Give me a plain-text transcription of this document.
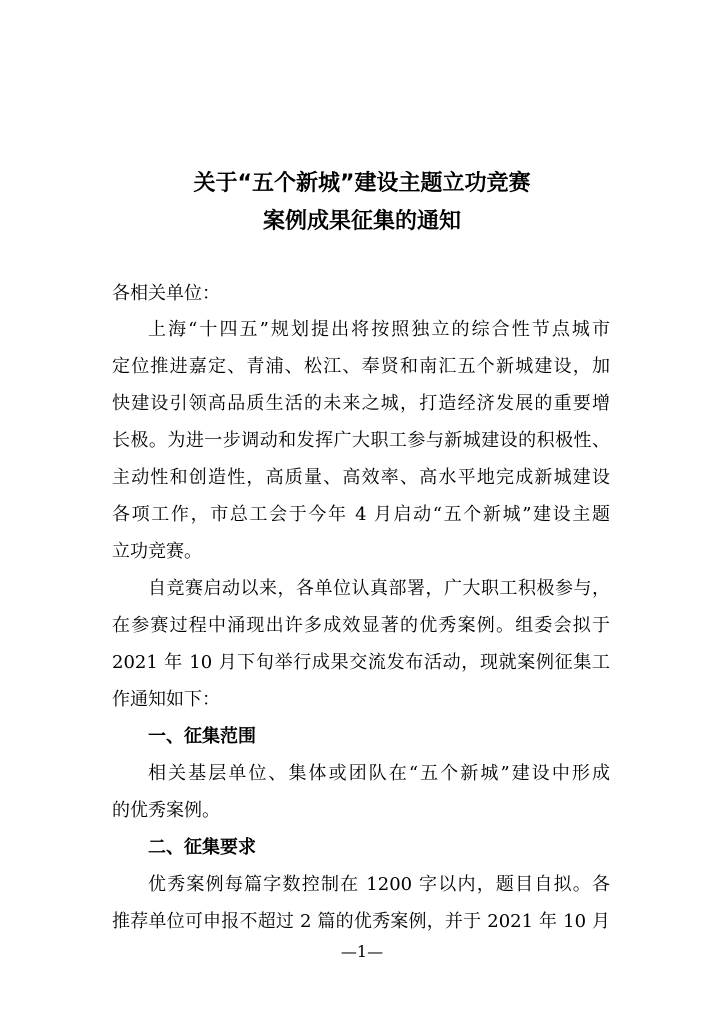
关于“五个新城”建设主题立功竞赛
案例成果征集的通知
各相关单位：
上海“十四五”规划提出将按照独立的综合性节点城市
定位推进嘉定、青浦、松江、奉贤和南汇五个新城建设，加
快建设引领高品质生活的未来之城，打造经济发展的重要增
长极。为进一步调动和发挥广大职工参与新城建设的积极性、
主动性和创造性，高质量、高效率、高水平地完成新城建设
各项工作，市总工会于今年 4 月启动“五个新城”建设主题
立功竞赛。
自竞赛启动以来，各单位认真部署，广大职工积极参与，
在参赛过程中涌现出许多成效显著的优秀案例。组委会拟于
2021 年 10 月下旬举行成果交流发布活动，现就案例征集工
作通知如下：
一、征集范围
相关基层单位、集体或团队在“五个新城”建设中形成
的优秀案例。
二、征集要求
优秀案例每篇字数控制在 1200 字以内，题目自拟。各
推荐单位可申报不超过 2 篇的优秀案例，并于 2021 年 10 月
—1—
